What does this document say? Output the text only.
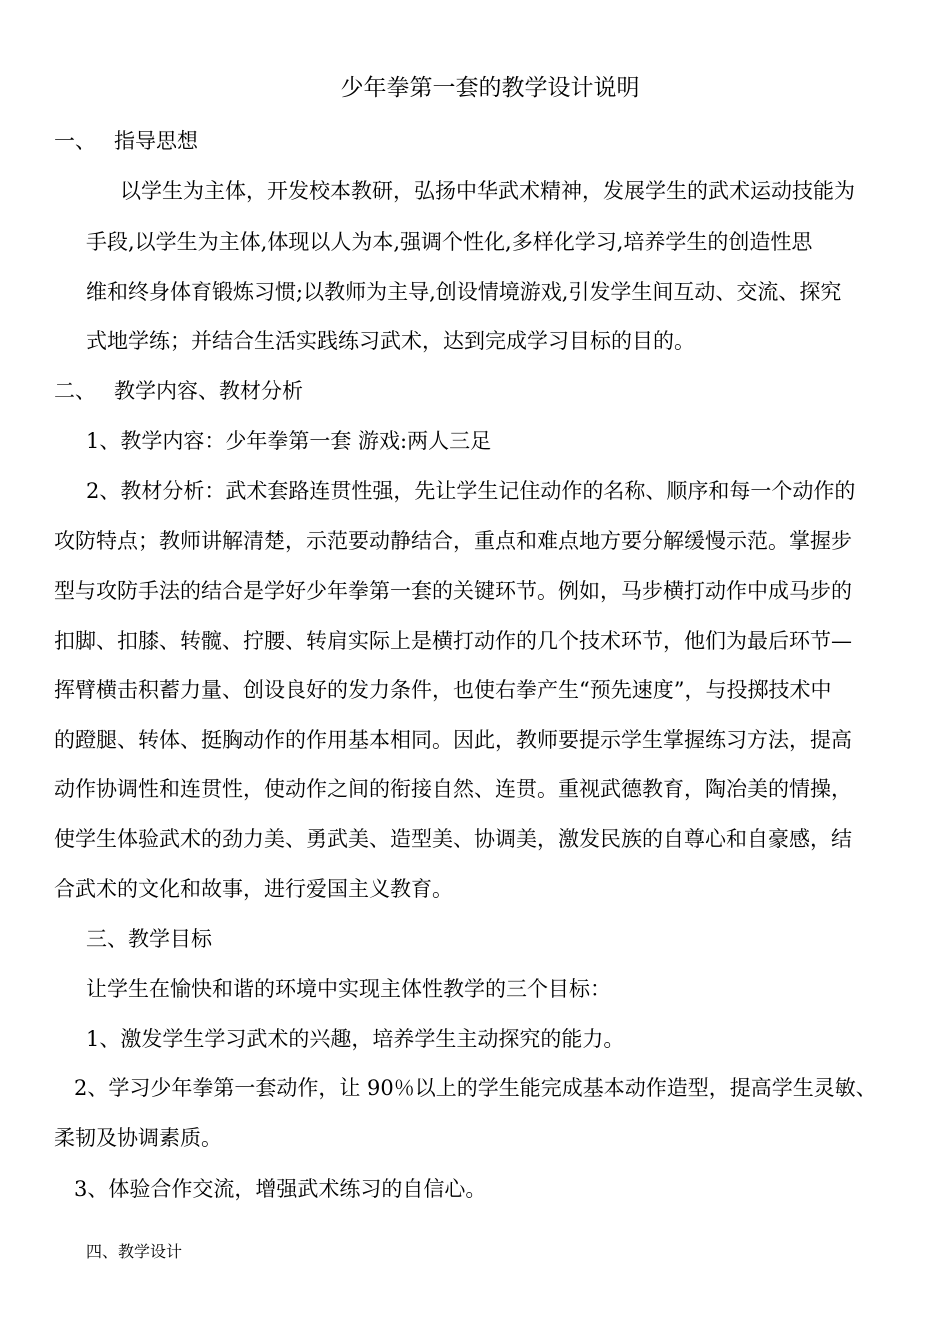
少年拳第一套的教学设计说明
一、 指导思想
以学生为主体，开发校本教研，弘扬中华武术精神，发展学生的武术运动技能为
手段,以学生为主体,体现以人为本,强调个性化,多样化学习,培养学生的创造性思
维和终身体育锻炼习惯;以教师为主导,创设情境游戏,引发学生间互动、交流、探究
式地学练；并结合生活实践练习武术，达到完成学习目标的目的。
二、 教学内容、教材分析
1、教学内容：少年拳第一套 游戏:两人三足
2、教材分析：武术套路连贯性强，先让学生记住动作的名称、顺序和每一个动作的
攻防特点；教师讲解清楚，示范要动静结合，重点和难点地方要分解缓慢示范。掌握步
型与攻防手法的结合是学好少年拳第一套的关键环节。例如，马步横打动作中成马步的
扣脚、扣膝、转髋、拧腰、转肩实际上是横打动作的几个技术环节，他们为最后环节—
挥臂横击积蓄力量、创设良好的发力条件，也使右拳产生“预先速度”，与投掷技术中
的蹬腿、转体、挺胸动作的作用基本相同。因此，教师要提示学生掌握练习方法，提高
动作协调性和连贯性，使动作之间的衔接自然、连贯。重视武德教育，陶冶美的情操，
使学生体验武术的劲力美、勇武美、造型美、协调美，激发民族的自尊心和自豪感，结
合武术的文化和故事，进行爱国主义教育。
三、教学目标
让学生在愉快和谐的环境中实现主体性教学的三个目标：
1、激发学生学习武术的兴趣，培养学生主动探究的能力。
2、学习少年拳第一套动作，让 90％以上的学生能完成基本动作造型，提高学生灵敏、
柔韧及协调素质。
3、体验合作交流，增强武术练习的自信心。
四、教学设计
